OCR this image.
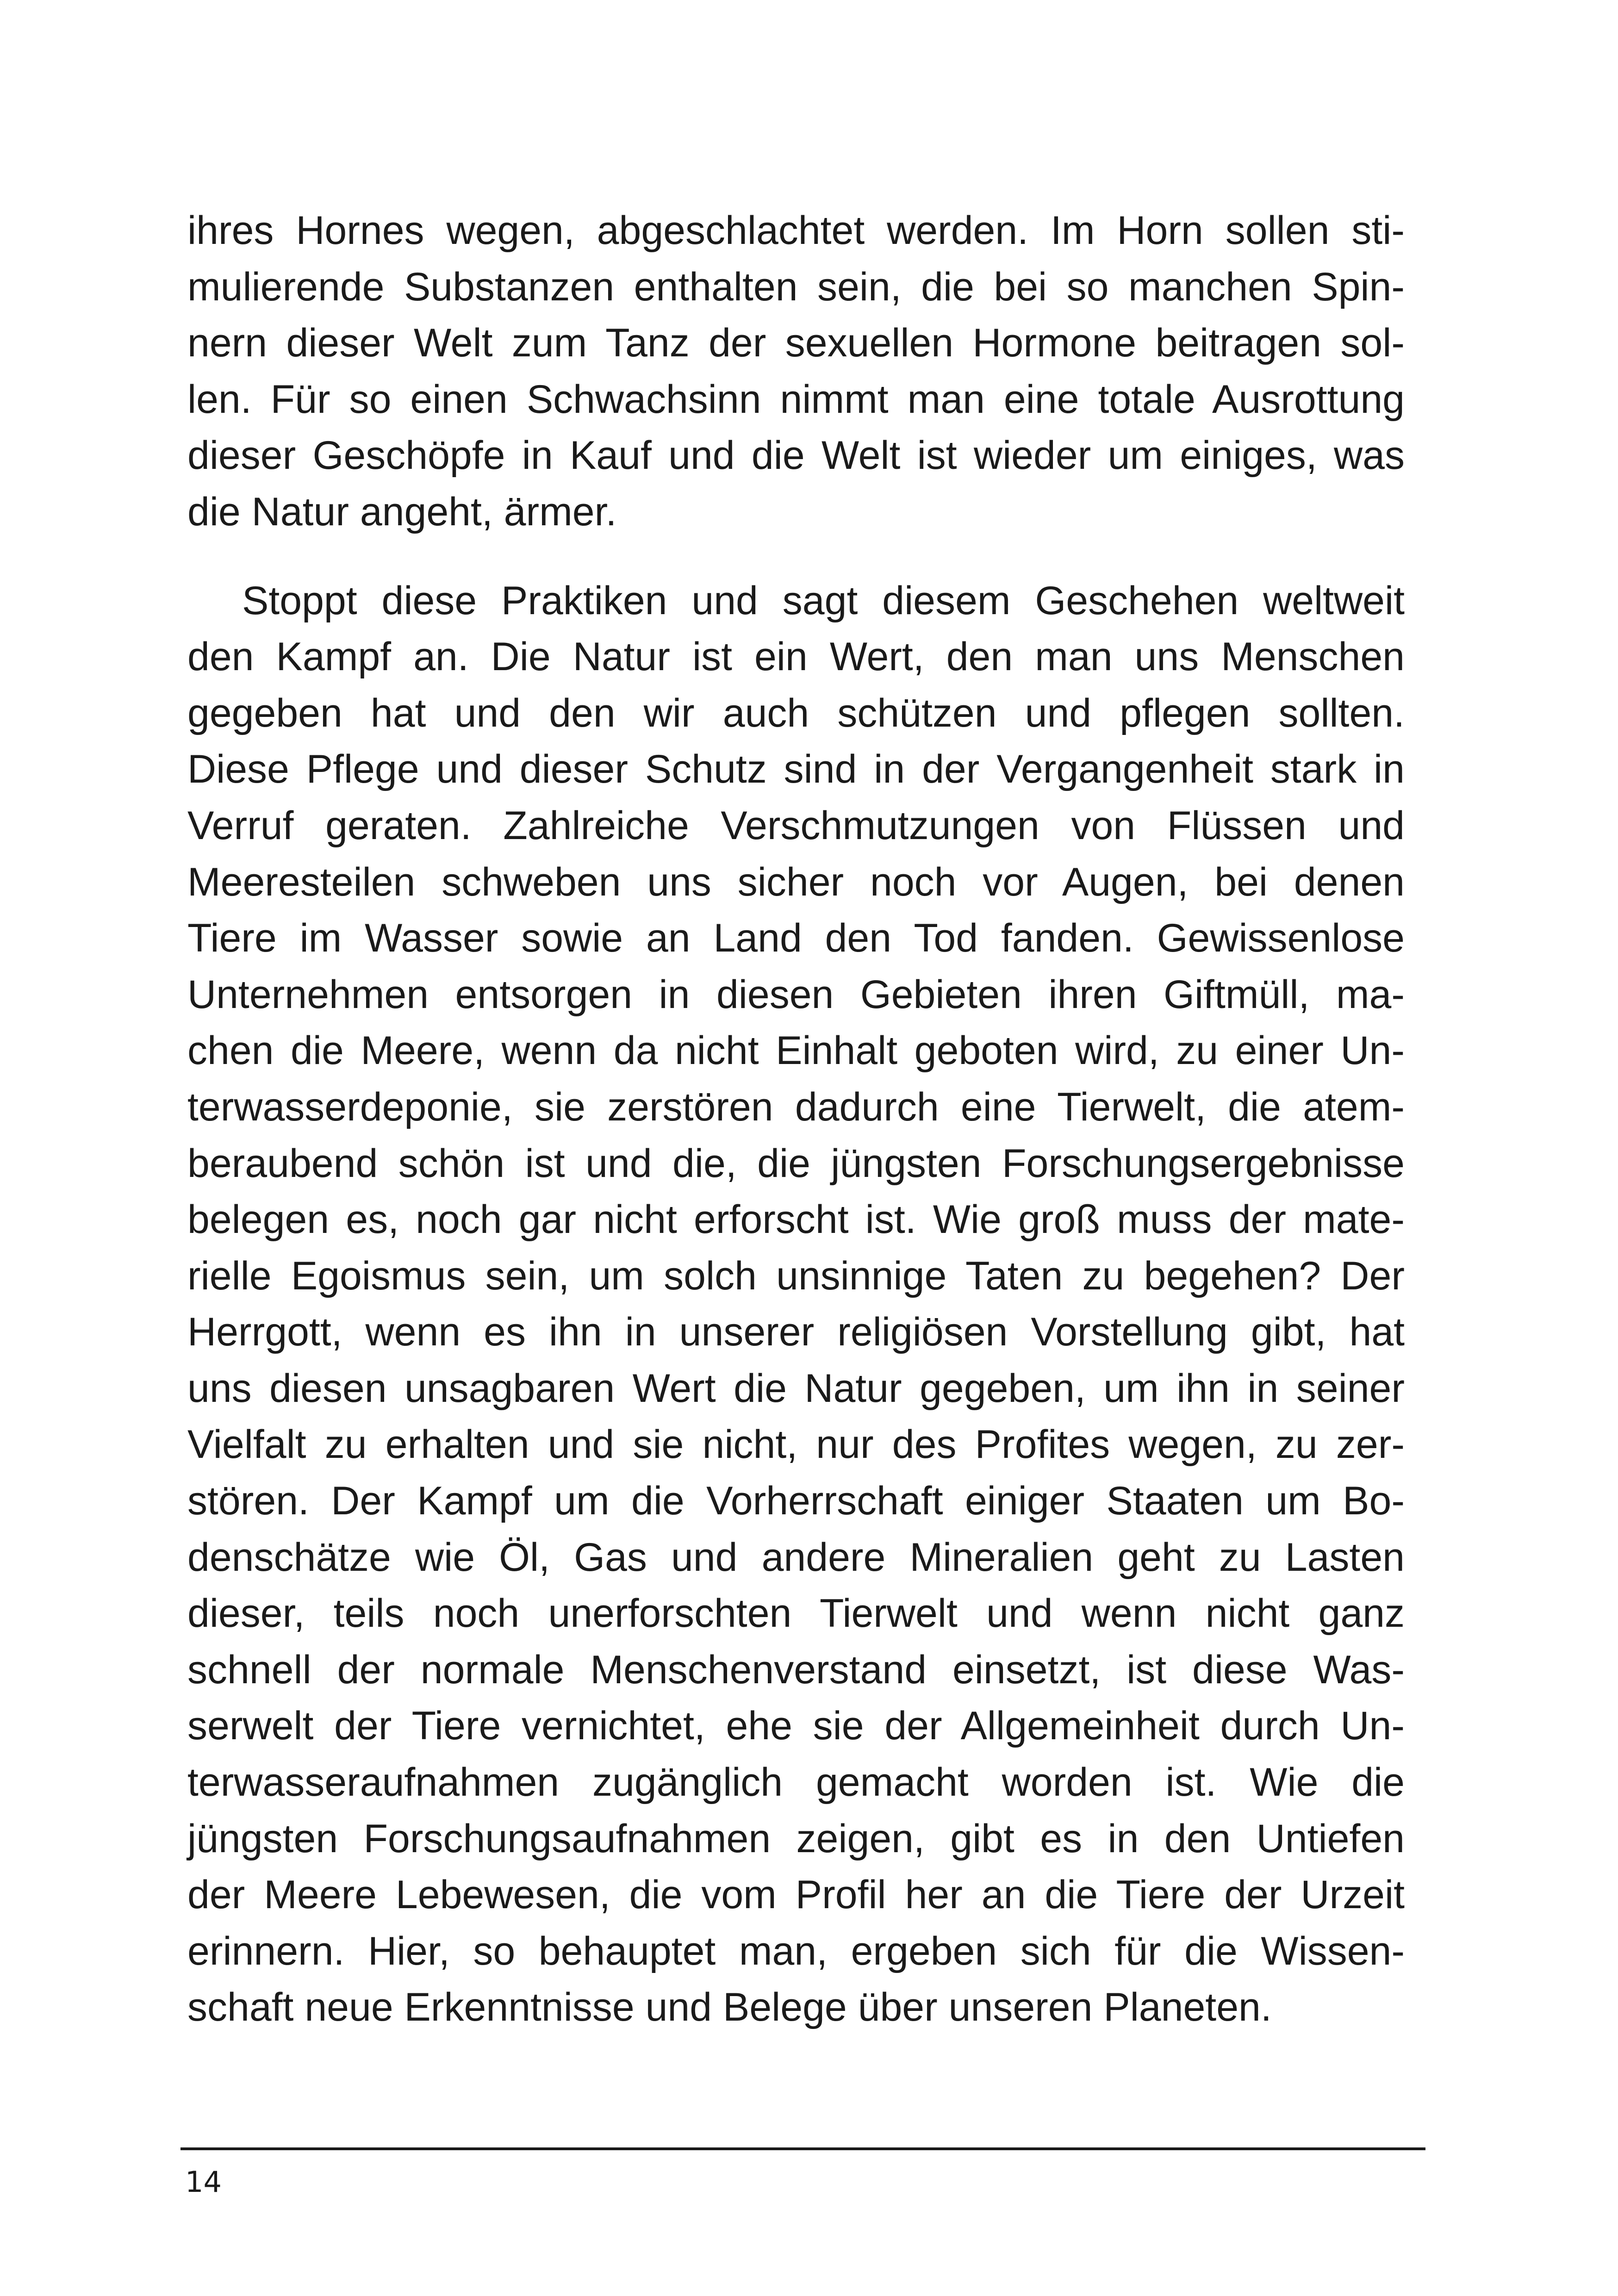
ihres Hornes wegen, abgeschlachtet werden. Im Horn sollen sti-
mulierende Substanzen enthalten sein, die bei so manchen Spin-
nern dieser Welt zum Tanz der sexuellen Hormone beitragen sol-
len. Für so einen Schwachsinn nimmt man eine totale Ausrottung
dieser Geschöpfe in Kauf und die Welt ist wieder um einiges, was
die Natur angeht, ärmer.
Stoppt diese Praktiken und sagt diesem Geschehen weltweit
den Kampf an. Die Natur ist ein Wert, den man uns Menschen
gegeben hat und den wir auch schützen und pflegen sollten.
Diese Pflege und dieser Schutz sind in der Vergangenheit stark in
Verruf geraten. Zahlreiche Verschmutzungen von Flüssen und
Meeresteilen schweben uns sicher noch vor Augen, bei denen
Tiere im Wasser sowie an Land den Tod fanden. Gewissenlose
Unternehmen entsorgen in diesen Gebieten ihren Giftmüll, ma-
chen die Meere, wenn da nicht Einhalt geboten wird, zu einer Un-
terwasserdeponie, sie zerstören dadurch eine Tierwelt, die atem-
beraubend schön ist und die, die jüngsten Forschungsergebnisse
belegen es, noch gar nicht erforscht ist. Wie groß muss der mate-
rielle Egoismus sein, um solch unsinnige Taten zu begehen? Der
Herrgott, wenn es ihn in unserer religiösen Vorstellung gibt, hat
uns diesen unsagbaren Wert die Natur gegeben, um ihn in seiner
Vielfalt zu erhalten und sie nicht, nur des Profites wegen, zu zer-
stören. Der Kampf um die Vorherrschaft einiger Staaten um Bo-
denschätze wie Öl, Gas und andere Mineralien geht zu Lasten
dieser, teils noch unerforschten Tierwelt und wenn nicht ganz
schnell der normale Menschenverstand einsetzt, ist diese Was-
serwelt der Tiere vernichtet, ehe sie der Allgemeinheit durch Un-
terwasseraufnahmen zugänglich gemacht worden ist. Wie die
jüngsten Forschungsaufnahmen zeigen, gibt es in den Untiefen
der Meere Lebewesen, die vom Profil her an die Tiere der Urzeit
erinnern. Hier, so behauptet man, ergeben sich für die Wissen-
schaft neue Erkenntnisse und Belege über unseren Planeten.
14
